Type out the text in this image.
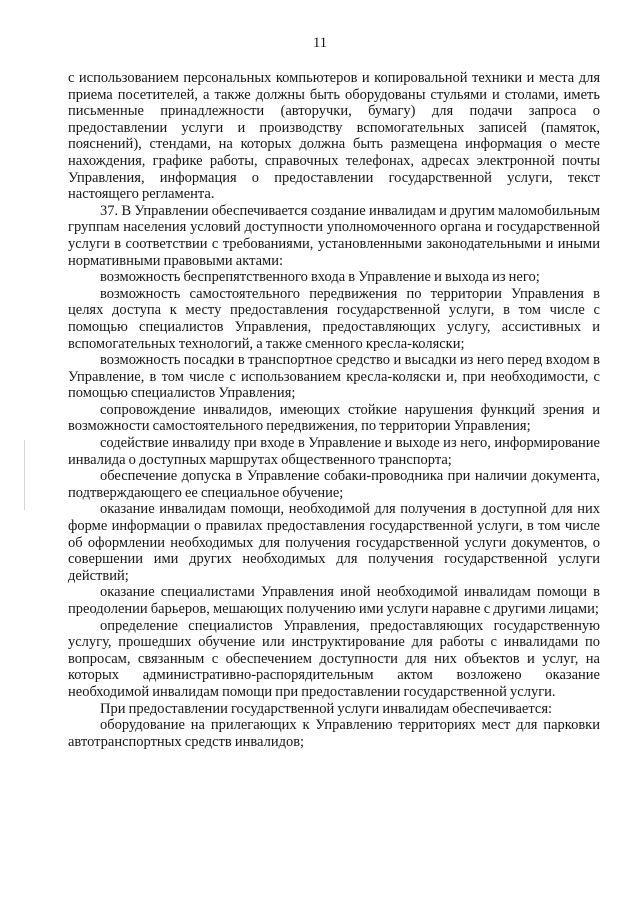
11

с использованием персональных компьютеров и копировальной техники и места для приема посетителей, а также должны быть оборудованы стульями и столами, иметь письменные принадлежности (авторучки, бумагу) для подачи запроса о предоставлении услуги и производству вспомогательных записей (памяток, пояснений), стендами, на которых должна быть размещена информация о месте нахождения, графике работы, справочных телефонах, адресах электронной почты Управления, информация о предоставлении государственной услуги, текст настоящего регламента.

37. В Управлении обеспечивается создание инвалидам и другим маломобильным группам населения условий доступности уполномоченного органа и государственной услуги в соответствии с требованиями, установленными законодательными и иными нормативными правовыми актами:

возможность беспрепятственного входа в Управление и выхода из него;

возможность самостоятельного передвижения по территории Управления в целях доступа к месту предоставления государственной услуги, в том числе с помощью специалистов Управления, предоставляющих услугу, ассистивных и вспомогательных технологий, а также сменного кресла-коляски;

возможность посадки в транспортное средство и высадки из него перед входом в Управление, в том числе с использованием кресла-коляски и, при необходимости, с помощью специалистов Управления;

сопровождение инвалидов, имеющих стойкие нарушения функций зрения и возможности самостоятельного передвижения, по территории Управления;

содействие инвалиду при входе в Управление и выходе из него, информирование инвалида о доступных маршрутах общественного транспорта;

обеспечение допуска в Управление собаки-проводника при наличии документа, подтверждающего ее специальное обучение;

оказание инвалидам помощи, необходимой для получения в доступной для них форме информации о правилах предоставления государственной услуги, в том числе об оформлении необходимых для получения государственной услуги документов, о совершении ими других необходимых для получения государственной услуги действий;

оказание специалистами Управления иной необходимой инвалидам помощи в преодолении барьеров, мешающих получению ими услуги наравне с другими лицами;

определение специалистов Управления, предоставляющих государственную услугу, прошедших обучение или инструктирование для работы с инвалидами по вопросам, связанным с обеспечением доступности для них объектов и услуг, на которых административно-распорядительным актом возложено оказание необходимой инвалидам помощи при предоставлении государственной услуги.

При предоставлении государственной услуги инвалидам обеспечивается:

оборудование на прилегающих к Управлению территориях мест для парковки автотранспортных средств инвалидов;
